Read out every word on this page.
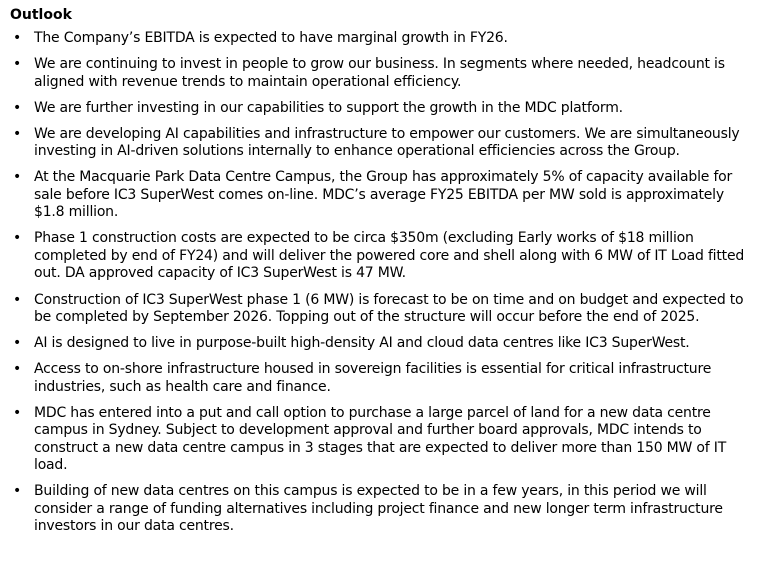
Outlook
• The Company’s EBITDA is expected to have marginal growth in FY26.
• We are continuing to invest in people to grow our business. In segments where needed, headcount is aligned with revenue trends to maintain operational efficiency.
• We are further investing in our capabilities to support the growth in the MDC platform.
• We are developing AI capabilities and infrastructure to empower our customers. We are simultaneously investing in AI-driven solutions internally to enhance operational efficiencies across the Group.
• At the Macquarie Park Data Centre Campus, the Group has approximately 5% of capacity available for sale before IC3 SuperWest comes on-line. MDC’s average FY25 EBITDA per MW sold is approximately $1.8 million.
• Phase 1 construction costs are expected to be circa $350m (excluding Early works of $18 million completed by end of FY24) and will deliver the powered core and shell along with 6 MW of IT Load fitted out. DA approved capacity of IC3 SuperWest is 47 MW.
• Construction of IC3 SuperWest phase 1 (6 MW) is forecast to be on time and on budget and expected to be completed by September 2026. Topping out of the structure will occur before the end of 2025.
• AI is designed to live in purpose-built high-density AI and cloud data centres like IC3 SuperWest.
• Access to on-shore infrastructure housed in sovereign facilities is essential for critical infrastructure industries, such as health care and finance.
• MDC has entered into a put and call option to purchase a large parcel of land for a new data centre campus in Sydney. Subject to development approval and further board approvals, MDC intends to construct a new data centre campus in 3 stages that are expected to deliver more than 150 MW of IT load.
• Building of new data centres on this campus is expected to be in a few years, in this period we will consider a range of funding alternatives including project finance and new longer term infrastructure investors in our data centres.
